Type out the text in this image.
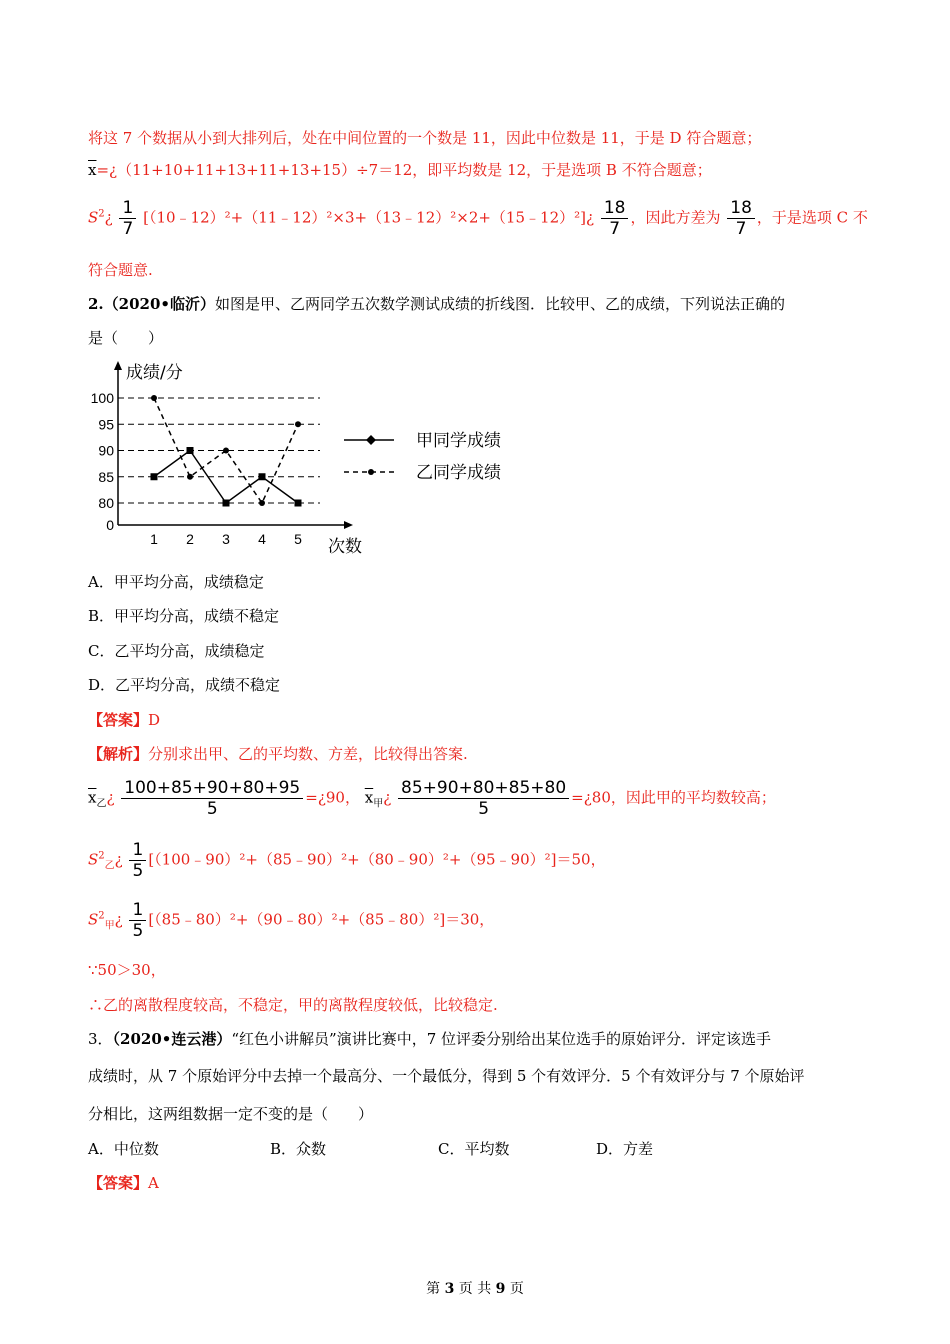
将这 7 个数据从小到大排列后，处在中间位置的一个数是 11，因此中位数是 11，于是 D 符合题意；
$\overline{x}=¿(11+10+11+13+11+13+15)\div 7=12$，即平均数是 12，于是选项 B 不符合题意；
$S^2¿ \frac{1}{7}$ [（10﹣12）²+（11﹣12）²×3+（13﹣12）²×2+（15﹣12）²]¿ $\frac{18}{7}$ ，因此方差为 $\frac{18}{7}$ ，于是选项 C 不
符合题意.
2.（2020•临沂）如图是甲、乙两同学五次数学测试成绩的折线图．比较甲、乙的成绩，下列说法正确的
是（　　）
成绩/分
次数
100
95
90
85
80
0
1 2 3 4 5
甲同学成绩
乙同学成绩
A．甲平均分高，成绩稳定
B．甲平均分高，成绩不稳定
C．乙平均分高，成绩稳定
D．乙平均分高，成绩不稳定
【答案】D
【解析】分别求出甲、乙的平均数、方差，比较得出答案.
$\overline{x}_乙¿ \frac{100+85+90+80+95}{5}$ =¿90， $\overline{x}_甲¿ \frac{85+90+80+85+80}{5}$ =¿80，因此甲的平均数较高；
$S^2_乙¿ \frac{1}{5}$ [（100﹣90）²+（85﹣90）²+（80﹣90）²+（95﹣90）²]＝50，
$S^2_甲¿ \frac{1}{5}$ [（85﹣80）²+（90﹣80）²+（85﹣80）²]＝30，
∵50＞30，
∴乙的离散程度较高，不稳定，甲的离散程度较低，比较稳定.
3．（2020•连云港）“红色小讲解员”演讲比赛中，7 位评委分别给出某位选手的原始评分．评定该选手
成绩时，从 7 个原始评分中去掉一个最高分、一个最低分，得到 5 个有效评分．5 个有效评分与 7 个原始评
分相比，这两组数据一定不变的是（　　）
A．中位数	B．众数	C．平均数	D．方差
【答案】A
第 3 页 共 9 页
